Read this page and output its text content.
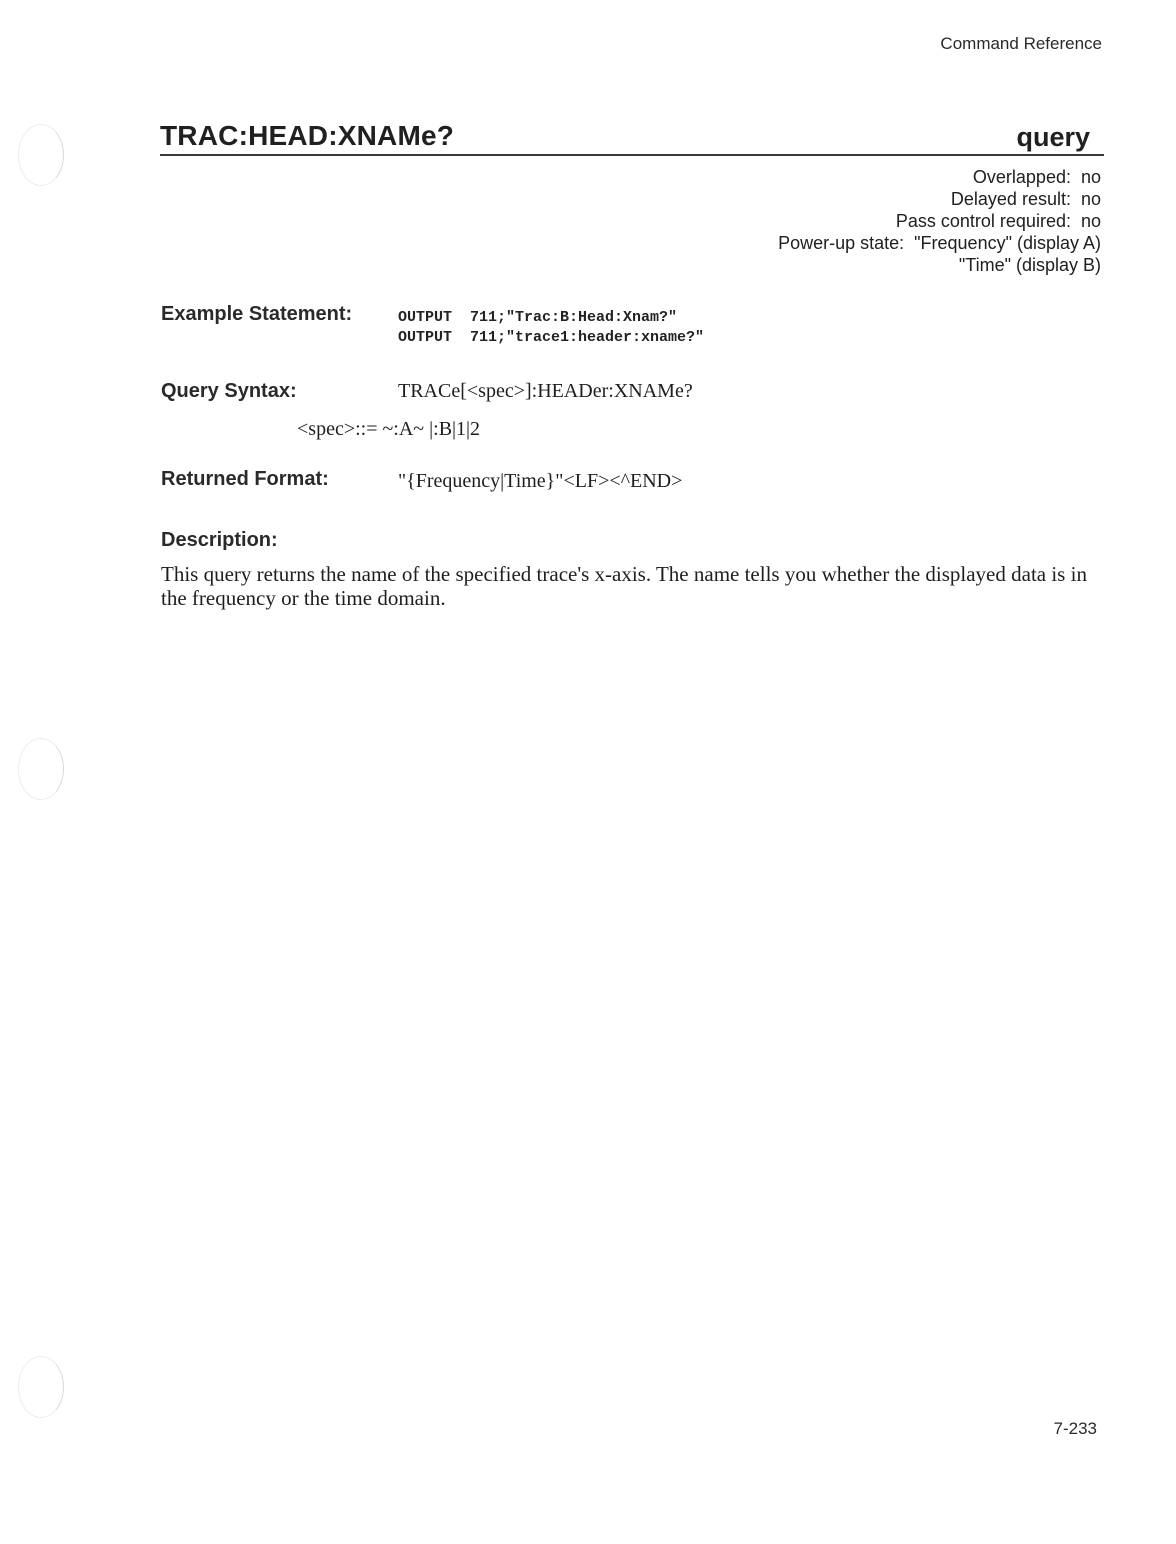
Command Reference
TRAC:HEAD:XNAMe?	query
Overlapped:  no
Delayed result:  no
Pass control required:  no
Power-up state:  "Frequency" (display A)
"Time" (display B)
Example Statement:	OUTPUT  711;"Trac:B:Head:Xnam?"
OUTPUT  711;"trace1:header:xname?"
Query Syntax:	TRACe[<spec>]:HEADer:XNAMe?
<spec>::= ~:A~ |:B|1|2
Returned Format:	"{Frequency|Time}"<LF><^END>
Description:
This query returns the name of the specified trace's x-axis. The name tells you whether the displayed data is in the frequency or the time domain.
7-233
